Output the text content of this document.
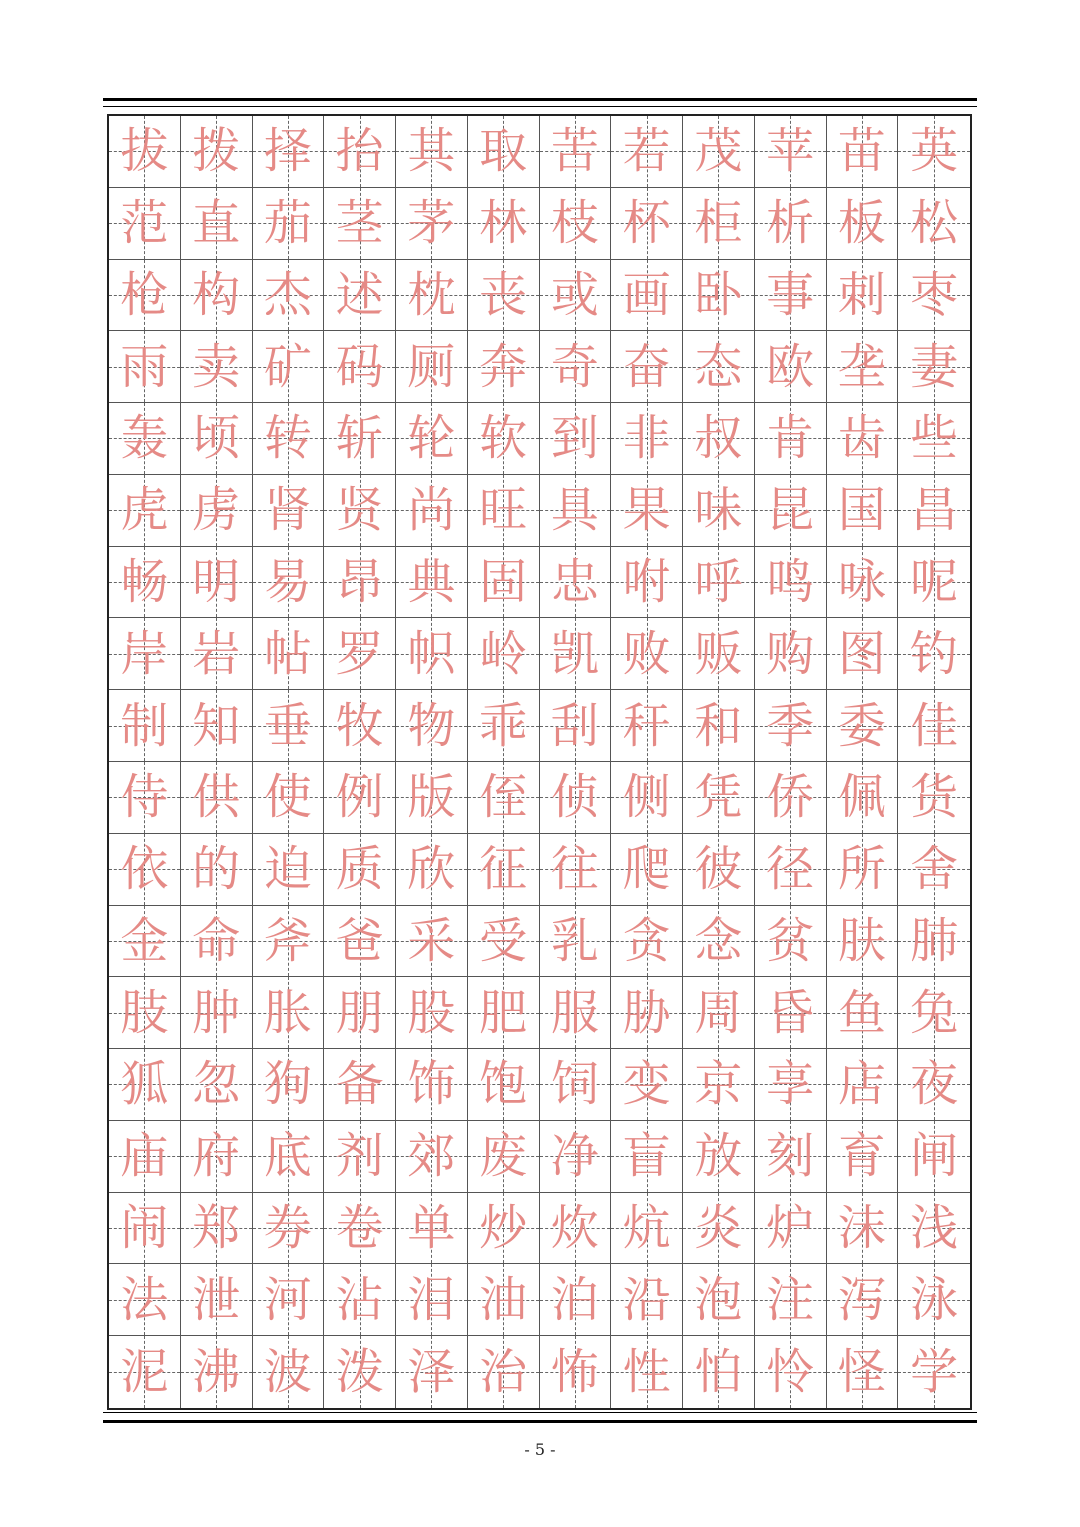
拔 拨 择 抬 其 取 苦 若 茂 苹 苗 英
范 直 茄 茎 茅 林 枝 杯 柜 析 板 松
枪 构 杰 述 枕 丧 或 画 卧 事 刺 枣
雨 卖 矿 码 厕 奔 奇 奋 态 欧 垄 妻
轰 顷 转 斩 轮 软 到 非 叔 肯 齿 些
虎 虏 肾 贤 尚 旺 具 果 味 昆 国 昌
畅 明 易 昂 典 固 忠 咐 呼 鸣 咏 呢
岸 岩 帖 罗 帜 岭 凯 败 贩 购 图 钓
制 知 垂 牧 物 乖 刮 秆 和 季 委 佳
侍 供 使 例 版 侄 侦 侧 凭 侨 佩 货
依 的 迫 质 欣 征 往 爬 彼 径 所 舍
金 命 斧 爸 采 受 乳 贪 念 贫 肤 肺
肢 肿 胀 朋 股 肥 服 胁 周 昏 鱼 兔
狐 忽 狗 备 饰 饱 饲 变 京 享 店 夜
庙 府 底 剂 郊 废 净 盲 放 刻 育 闸
闹 郑 券 卷 单 炒 炊 炕 炎 炉 沫 浅
法 泄 河 沾 泪 油 泊 沿 泡 注 泻 泳
泥 沸 波 泼 泽 治 怖 性 怕 怜 怪 学
- 5 -
